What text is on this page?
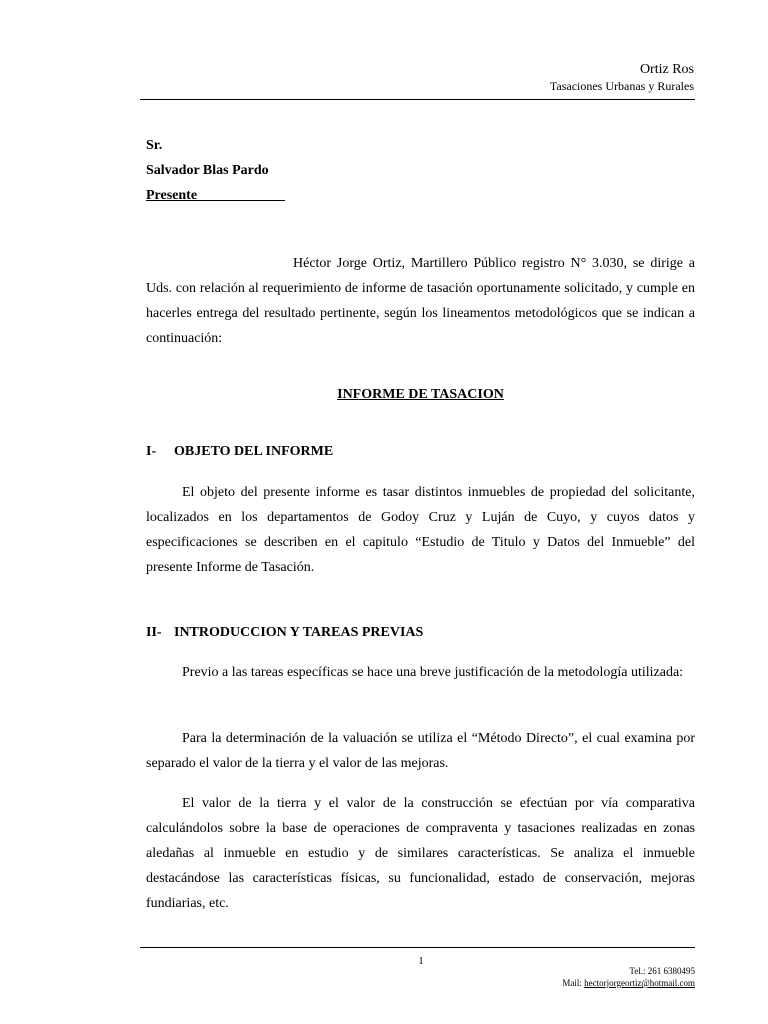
Ortiz Ros
Tasaciones Urbanas y Rurales
Sr.
Salvador Blas Pardo
Presente

Héctor Jorge Ortiz, Martillero Público registro N° 3.030, se dirige a Uds. con relación al requerimiento de informe de tasación oportunamente solicitado, y cumple en hacerles entrega del resultado pertinente, según los lineamentos metodológicos que se indican a continuación:

INFORME DE TASACION
I- OBJETO DEL INFORME

El objeto del presente informe es tasar distintos inmuebles de propiedad del solicitante, localizados en los departamentos de Godoy Cruz y Luján de Cuyo, y cuyos datos y especificaciones se describen en el capitulo “Estudio de Titulo y Datos del Inmueble” del presente Informe de Tasación.

II- INTRODUCCION Y TAREAS PREVIAS

Previo a las tareas específicas se hace una breve justificación de la metodología utilizada:

Para la determinación de la valuación se utiliza el “Método Directo”, el cual examina por separado el valor de la tierra y el valor de las mejoras.

El valor de la tierra y el valor de la construcción se efectúan por vía comparativa calculándolos sobre la base de operaciones de compraventa y tasaciones realizadas en zonas aledañas al inmueble en estudio y de similares características. Se analiza el inmueble destacándose las características físicas, su funcionalidad, estado de conservación, mejoras fundiarias, etc.

1
Tel.: 261 6380495
Mail: hectorjorgeortiz@hotmail.com
